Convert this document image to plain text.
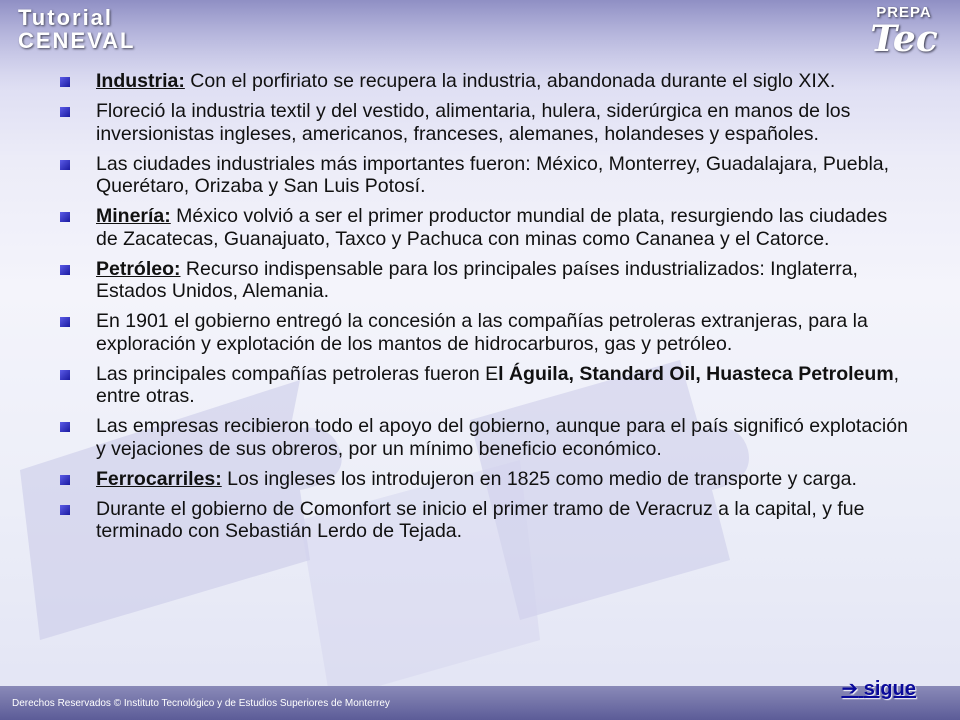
Tutorial
CENEVAL
PREPA
Tec
Industria: Con el porfiriato se recupera la industria, abandonada durante el siglo XIX.
Floreció la industria textil y del vestido, alimentaria, hulera, siderúrgica en manos de los inversionistas ingleses, americanos, franceses, alemanes, holandeses y españoles.
Las ciudades industriales más importantes fueron: México, Monterrey, Guadalajara, Puebla, Querétaro, Orizaba y San Luis Potosí.
Minería: México volvió a ser el primer productor mundial de plata, resurgiendo las ciudades de Zacatecas, Guanajuato, Taxco y Pachuca con minas como Cananea y el Catorce.
Petróleo: Recurso indispensable para los principales países industrializados: Inglaterra, Estados Unidos, Alemania.
En 1901 el gobierno entregó la concesión a las compañías petroleras extranjeras, para la exploración y explotación de los mantos de hidrocarburos, gas y petróleo.
Las principales compañías petroleras fueron El Águila, Standard Oil, Huasteca Petroleum, entre otras.
Las empresas recibieron todo el apoyo del gobierno, aunque para el país significó explotación y vejaciones de sus obreros, por un mínimo beneficio económico.
Ferrocarriles: Los ingleses los introdujeron en 1825 como medio de transporte y carga.
Durante el gobierno de Comonfort se inicio el primer tramo de Veracruz a la capital, y fue terminado con Sebastián Lerdo de Tejada.
Derechos Reservados © Instituto Tecnológico y de Estudios Superiores de Monterrey
➔ sigue
